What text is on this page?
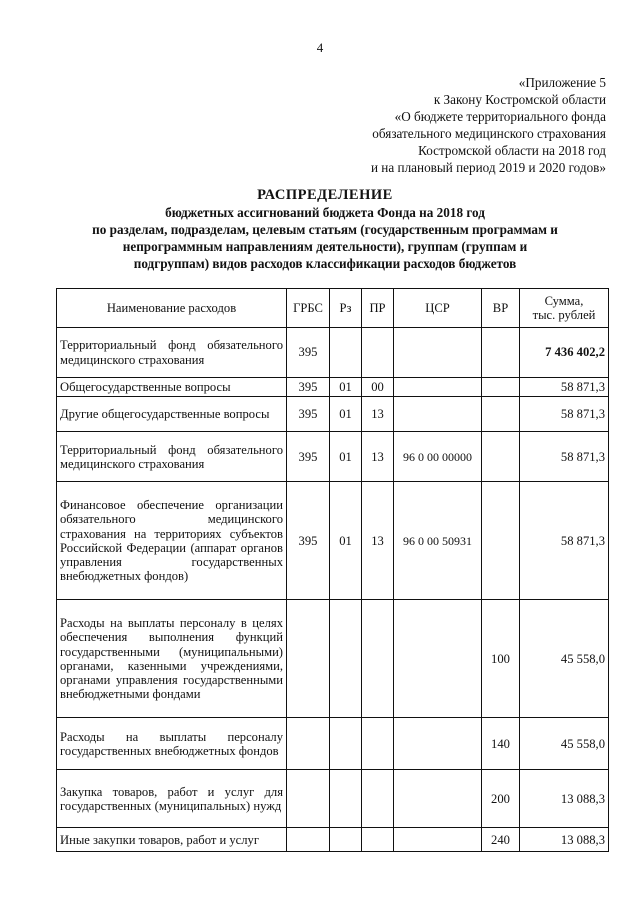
4
«Приложение 5
к Закону Костромской области
«О бюджете территориального фонда
обязательного медицинского страхования
Костромской области на 2018 год
и на плановый период 2019 и 2020 годов»
РАСПРЕДЕЛЕНИЕ
бюджетных ассигнований бюджета Фонда на 2018 год
по разделам, подразделам, целевым статьям (государственным программам и
непрограммным направлениям деятельности), группам (группам и
подгруппам) видов расходов классификации расходов бюджетов
Наименование расходов	ГРБС	Рз	ПР	ЦСР	ВР	Сумма,
тыс. рублей

Территориальный фонд обязательного медицинского страхования	395					7 436 402,2
Общегосударственные вопросы	395	01	00			58 871,3
Другие общегосударственные вопросы	395	01	13			58 871,3
Территориальный фонд обязательного медицинского страхования	395	01	13	96 0 00 00000		58 871,3
Финансовое обеспечение организации обязательного медицинского страхования на территориях субъектов Российской Федерации (аппарат органов управления государственных внебюджетных фондов)	395	01	13	96 0 00 50931		58 871,3
Расходы на выплаты персоналу в целях обеспечения выполнения функций государственными (муниципальными) органами, казенными учреждениями, органами управления государственными внебюджетными фондами					100	45 558,0
Расходы на выплаты персоналу государственных внебюджетных фондов					140	45 558,0
Закупка товаров, работ и услуг для государственных (муниципальных) нужд					200	13 088,3
Иные закупки товаров, работ и услуг					240	13 088,3
